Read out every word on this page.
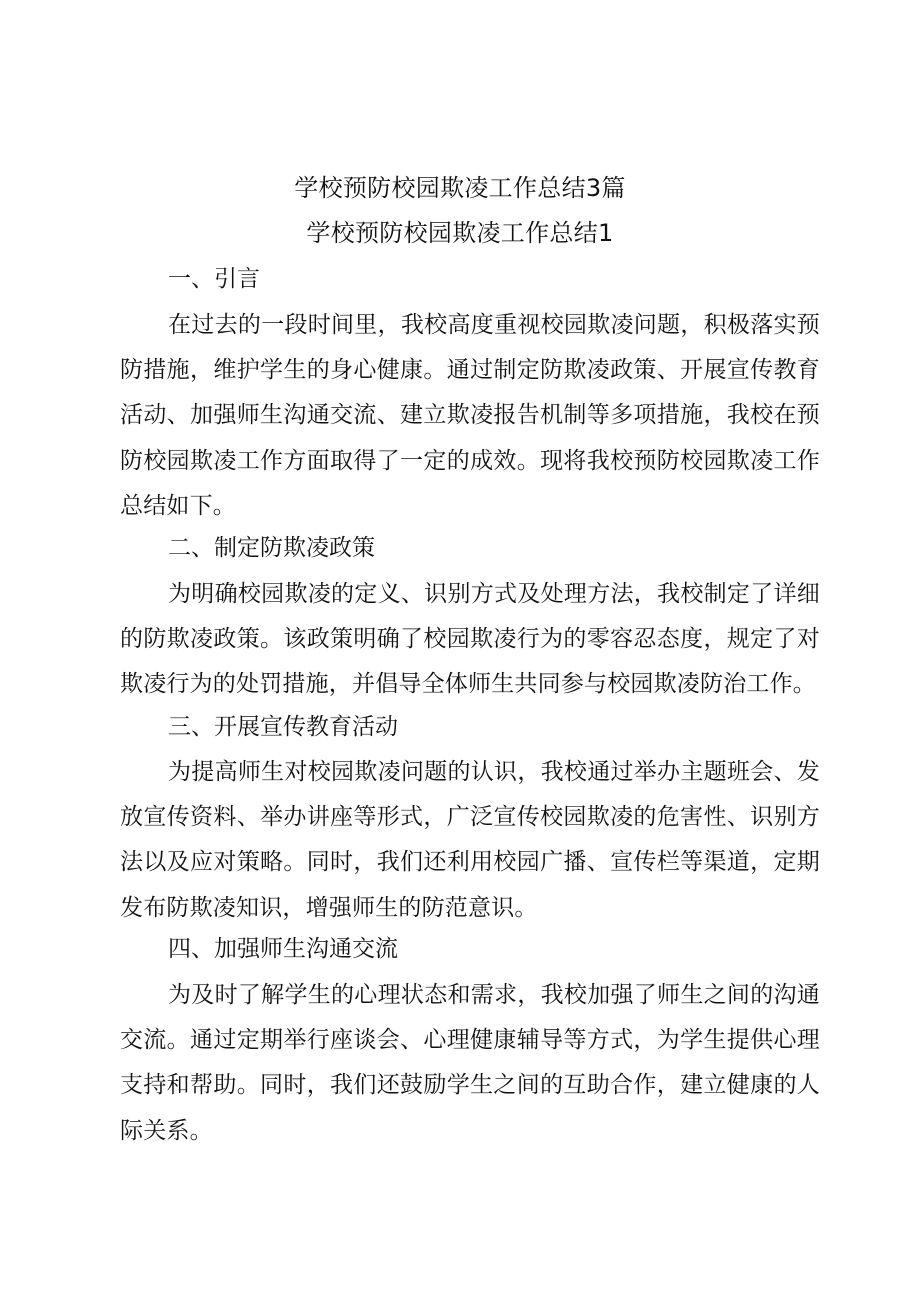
学校预防校园欺凌工作总结3篇
学校预防校园欺凌工作总结1
一、引言

在过去的一段时间里，我校高度重视校园欺凌问题，积极落实预防措施，维护学生的身心健康。通过制定防欺凌政策、开展宣传教育活动、加强师生沟通交流、建立欺凌报告机制等多项措施，我校在预防校园欺凌工作方面取得了一定的成效。现将我校预防校园欺凌工作总结如下。

二、制定防欺凌政策

为明确校园欺凌的定义、识别方式及处理方法，我校制定了详细的防欺凌政策。该政策明确了校园欺凌行为的零容忍态度，规定了对欺凌行为的处罚措施，并倡导全体师生共同参与校园欺凌防治工作。

三、开展宣传教育活动

为提高师生对校园欺凌问题的认识，我校通过举办主题班会、发放宣传资料、举办讲座等形式，广泛宣传校园欺凌的危害性、识别方法以及应对策略。同时，我们还利用校园广播、宣传栏等渠道，定期发布防欺凌知识，增强师生的防范意识。

四、加强师生沟通交流

为及时了解学生的心理状态和需求，我校加强了师生之间的沟通交流。通过定期举行座谈会、心理健康辅导等方式，为学生提供心理支持和帮助。同时，我们还鼓励学生之间的互助合作，建立健康的人际关系。
